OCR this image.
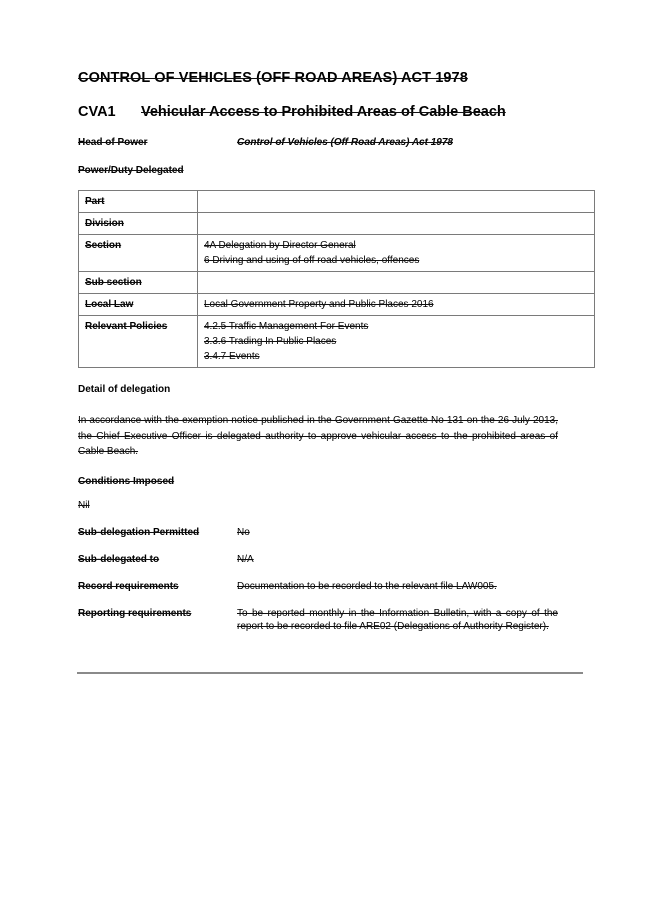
CONTROL OF VEHICLES (OFF ROAD AREAS) ACT 1978
CVA1 Vehicular Access to Prohibited Areas of Cable Beach
Head of Power	Control of Vehicles (Off Road Areas) Act 1978
Power/Duty Delegated
Part	

Division	

Section	4A Delegation by Director General
6 Driving and using of off road vehicles, offences

Sub section	

Local Law	Local Government Property and Public Places 2016

Relevant Policies	4.2.5 Traffic Management For Events
3.3.6 Trading In Public Places
3.4.7 Events
Detail of delegation
In accordance with the exemption notice published in the Government Gazette No 131 on the 26 July 2013, the Chief Executive Officer is delegated authority to approve vehicular access to the prohibited areas of Cable Beach.
Conditions Imposed
Nil
Sub-delegation Permitted	No
Sub-delegated to	N/A
Record requirements	Documentation to be recorded to the relevant file LAW005.
Reporting requirements	To be reported monthly in the Information Bulletin, with a copy of the report to be recorded to file ARE02 (Delegations of Authority Register).
